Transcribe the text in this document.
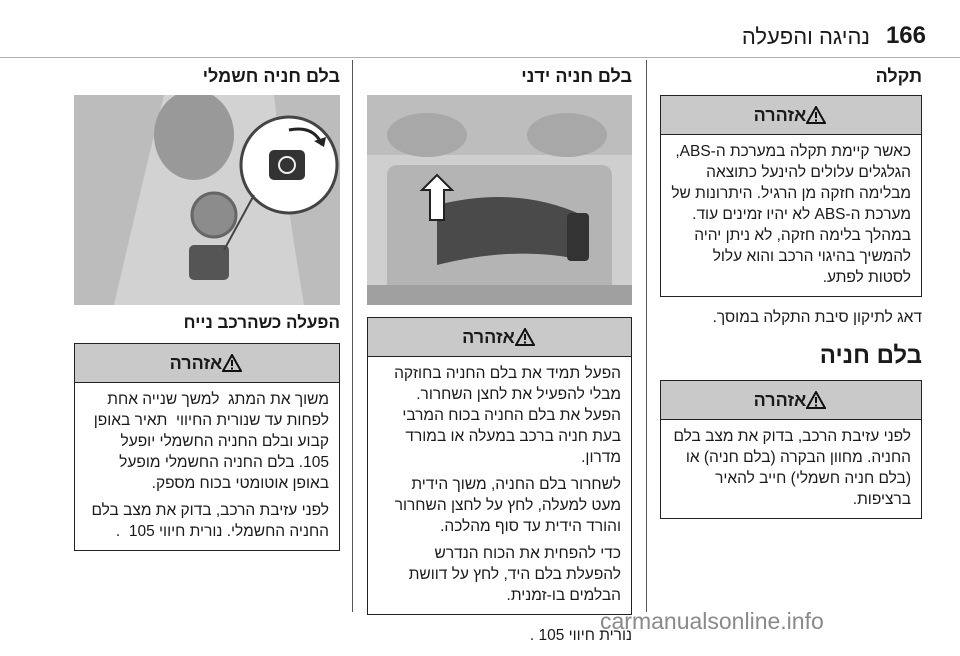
נהיגה והפעלה 166
תקלה
אזהרה

כאשר קיימת תקלה במערכת ה-ABS, הגלגלים עלולים להינעל כתוצאה מבלימה חזקה מן הרגיל. היתרונות של מערכת ה-ABS לא יהיו זמינים עוד. במהלך בלימה חזקה, לא ניתן יהיה להמשיך בהיגוי הרכב והוא עלול לסטות לפתע.

דאג לתיקון סיבת התקלה במוסך.
בלם חניה
אזהרה

לפני עזיבת הרכב, בדוק את מצב בלם החניה. מחוון הבקרה (בלם חניה) או (בלם חניה חשמלי) חייב להאיר ברציפות.

בלם חניה ידני
אזהרה

הפעל תמיד את בלם החניה בחוזקה מבלי להפעיל את לחצן השחרור. הפעל את בלם החניה בכוח המרבי בעת חניה ברכב במעלה או במורד מדרון.

לשחרור בלם החניה, משוך הידית מעט למעלה, לחץ על לחצן השחרור והורד הידית עד סוף מהלכה.

כדי להפחית את הכוח הנדרש להפעלת בלם היד, לחץ על דוושת הבלמים בו-זמנית.

נורית חיווי ‎ 105.
בלם חניה חשמלי
הפעלה כשהרכב נייח
אזהרה

משוך את המתג למשך שנייה אחת לפחות עד שנורית החיווי תאיר באופן קבוע ובלם החניה החשמלי יופעל 105. בלם החניה החשמלי מופעל באופן אוטומטי בכוח מספק.

לפני עזיבת הרכב, בדוק את מצב בלם החניה החשמלי. נורית חיווי ‎ ‎ 105.

carmanualsonline.info
